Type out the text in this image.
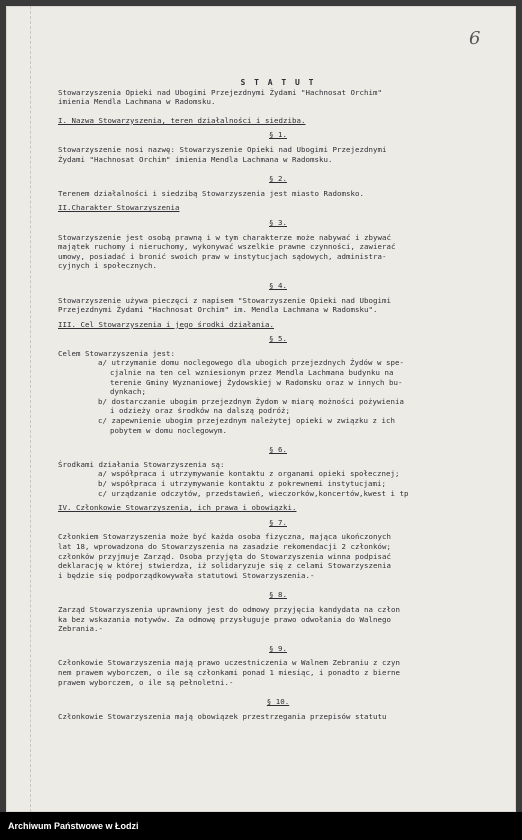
6
S T A T U T
Stowarzyszenia Opieki nad Ubogimi Przejezdnymi Żydami "Hachnosat Orchim"
imienia Mendla Lachmana w Radomsku.
I. Nazwa Stowarzyszenia, teren działalności i siedziba.
§ 1.
Stowarzyszenie nosi nazwę: Stowarzyszenie Opieki nad Ubogimi Przejezdnymi
Żydami "Hachnosat Orchim" imienia Mendla Lachmana w Radomsku.
§ 2.
Terenem działalności i siedzibą Stowarzyszenia jest miasto Radomsko.
II.Charakter Stowarzyszenia
§ 3.
Stowarzyszenie jest osobą prawną i w tym charakterze może nabywać i zbywać
majątek ruchomy i nieruchomy, wykonywać wszelkie prawne czynności, zawierać
umowy, posiadać i bronić swoich praw w instytucjach sądowych, administra-
cyjnych i społecznych.
§ 4.
Stowarzyszenie używa pieczęci z napisem "Stowarzyszenie Opieki nad Ubogimi
Przejezdnymi Żydami "Hachnosat Orchim" im. Mendla Lachmana w Radomsku".
III. Cel Stowarzyszenia i jego środki działania.
§ 5.
Celem Stowarzyszenia jest:
a/ utrzymanie domu noclegowego dla ubogich przejezdnych Żydów w spe-
cjalnie na ten cel wzniesionym przez Mendla Lachmana budynku na
terenie Gminy Wyznaniowej Żydowskiej w Radomsku oraz w innych bu-
dynkach;
b/ dostarczanie ubogim przejezdnym Żydom w miarę możności pożywienia
i odzieży oraz środków na dalszą podróż;
c/ zapewnienie ubogim przejezdnym należytej opieki w związku z ich
pobytem w domu noclegowym.
§ 6.
Środkami działania Stowarzyszenia są:
a/ współpraca i utrzymywanie kontaktu z organami opieki społecznej;
b/ współpraca i utrzymywanie kontaktu z pokrewnemi instytucjami;
c/ urządzanie odczytów, przedstawień, wieczorków,koncertów,kwest i tp
IV. Członkowie Stowarzyszenia, ich prawa i obowiązki.
§ 7.
Członkiem Stowarzyszenia może być każda osoba fizyczna, mająca ukończonych
lat 18, wprowadzona do Stowarzyszenia na zasadzie rekomendacji 2 członków;
członków przyjmuje Zarząd. Osoba przyjęta do Stowarzyszenia winna podpisać
deklarację w której stwierdza, iż solidaryzuje się z celami Stowarzyszenia
i będzie się podporządkowywała statutowi Stowarzyszenia.-
§ 8.
Zarząd Stowarzyszenia uprawniony jest do odmowy przyjęcia kandydata na człon
ka bez wskazania motywów. Za odmowę przysługuje prawo odwołania do Walnego
Zebrania.-
§ 9.
Członkowie Stowarzyszenia mają prawo uczestniczenia w Walnem Zebraniu z czyn
nem prawem wyborczem, o ile są członkami ponad 1 miesiąc, i ponadto z bierne
prawem wyborczem, o ile są pełnoletni.-
§ 10.
Członkowie Stowarzyszenia mają obowiązek przestrzegania przepisów statutu
Archiwum Państwowe w Łodzi
